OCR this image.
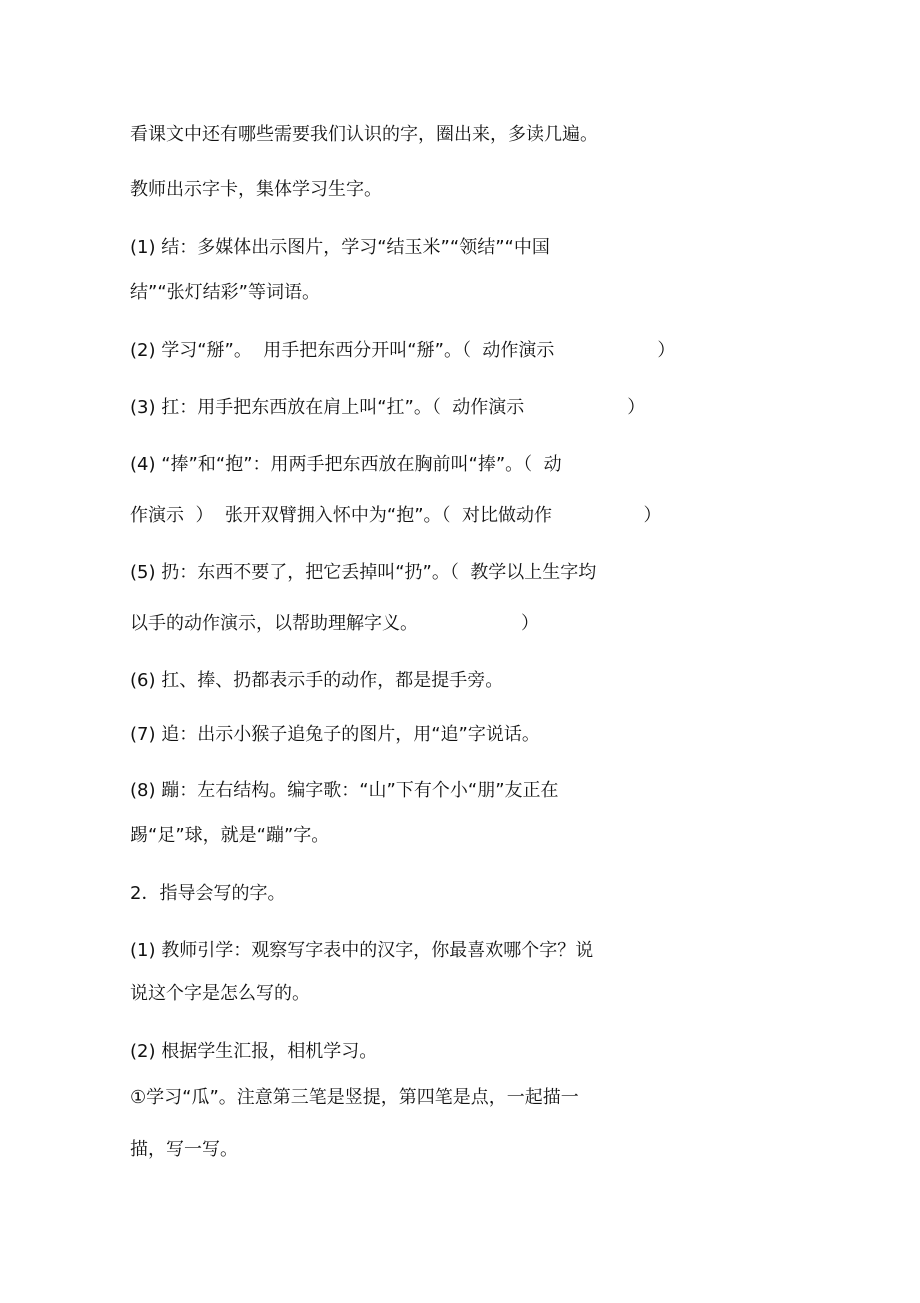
看课文中还有哪些需要我们认识的字，圈出来，多读几遍。
教师出示字卡，集体学习生字。
(1) 结：多媒体出示图片，学习“结玉米”“领结”“中国
结”“张灯结彩”等词语。
(2) 学习“掰”。  用手把东西分开叫“掰”。（  动作演示                  ）
(3) 扛：用手把东西放在肩上叫“扛”。（  动作演示                  ）
(4) “捧”和“抱”：用两手把东西放在胸前叫“捧”。（  动
作演示  ）  张开双臂拥入怀中为“抱”。（  对比做动作                ）
(5) 扔：东西不要了，把它丢掉叫“扔”。（  教学以上生字均
以手的动作演示，以帮助理解字义。                  ）
(6) 扛、捧、扔都表示手的动作，都是提手旁。
(7) 追：出示小猴子追兔子的图片，用“追”字说话。
(8) 蹦：左右结构。编字歌：“山”下有个小“朋”友正在
踢“足”球，就是“蹦”字。
2．指导会写的字。
(1) 教师引学：观察写字表中的汉字，你最喜欢哪个字？说
说这个字是怎么写的。
(2) 根据学生汇报，相机学习。
①学习“瓜”。注意第三笔是竖提，第四笔是点，一起描一
描，写一写。
